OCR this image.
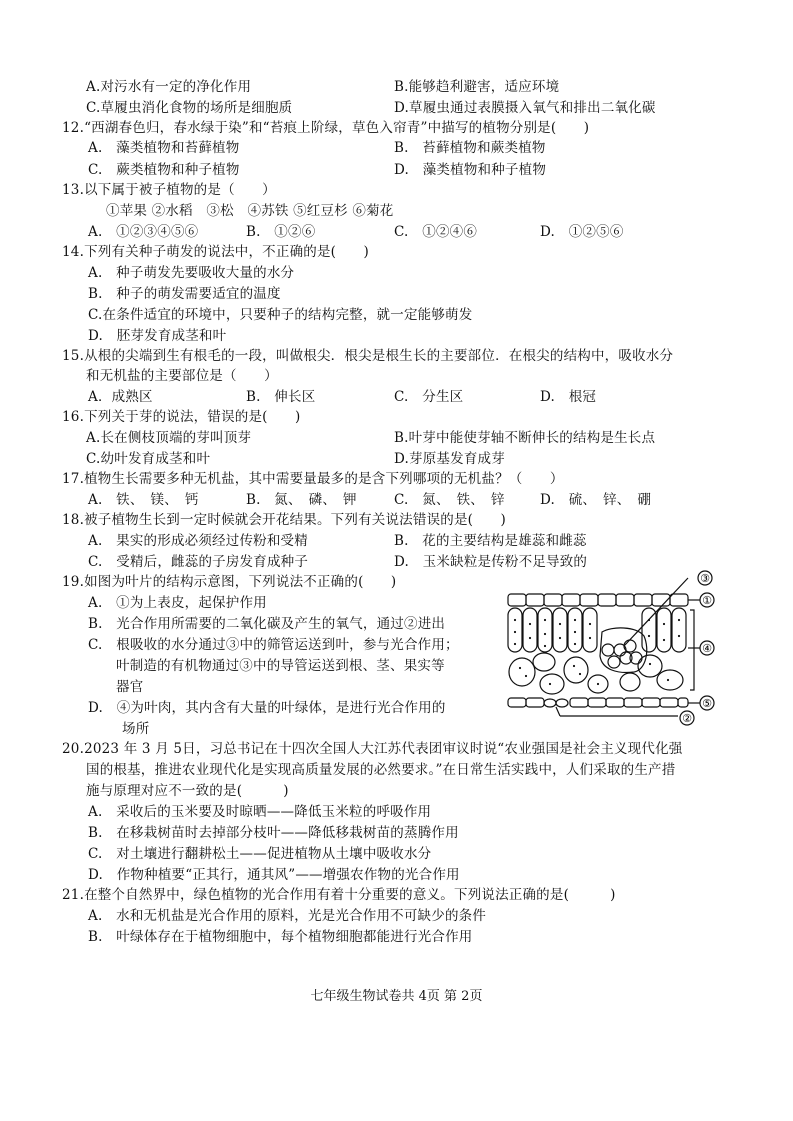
A.对污水有一定的净化作用	B.能够趋利避害，适应环境
C.草履虫消化食物的场所是细胞质	D.草履虫通过表膜摄入氧气和排出二氧化碳
12.“西湖春色归，春水绿于染”和“苔痕上阶绿，草色入帘青”中描写的植物分别是(　　)
A.　藻类植物和苔藓植物	B.　苔藓植物和蕨类植物
C.　蕨类植物和种子植物	D.　藻类植物和种子植物
13.以下属于被子植物的是（　　）
①苹果 ②水稻　③松　④苏铁 ⑤红豆杉 ⑥菊花
A.　①②③④⑤⑥	B.　①②⑥	C.　①②④⑥	D.　①②⑤⑥
14.下列有关种子萌发的说法中，不正确的是(　　)
A.　种子萌发先要吸收大量的水分
B.　种子的萌发需要适宜的温度
C.在条件适宜的环境中，只要种子的结构完整，就一定能够萌发
D.　胚芽发育成茎和叶
15.从根的尖端到生有根毛的一段，叫做根尖．根尖是根生长的主要部位．在根尖的结构中，吸收水分
和无机盐的主要部位是（　　）
A．成熟区	B.　伸长区	C.　分生区	D.　根冠
16.下列关于芽的说法，错误的是(　　)
A.长在侧枝顶端的芽叫顶芽	B.叶芽中能使芽轴不断伸长的结构是生长点
C.幼叶发育成茎和叶	D.芽原基发育成芽
17.植物生长需要多种无机盐，其中需要量最多的是含下列哪项的无机盐？（　　）
A.　铁、　镁、　钙	B.　氮、　磷、　钾	C.　氮、　铁、　锌	D.　硫、　锌、　硼
18.被子植物生长到一定时候就会开花结果。下列有关说法错误的是(　　)
A.　果实的形成必须经过传粉和受精	B.　花的主要结构是雄蕊和雌蕊
C.　受精后，雌蕊的子房发育成种子	D.　玉米缺粒是传粉不足导致的
19.如图为叶片的结构示意图，下列说法不正确的(　　)
A.　①为上表皮，起保护作用
B.　光合作用所需要的二氧化碳及产生的氧气，通过②进出
C.　根吸收的水分通过③中的筛管运送到叶，参与光合作用；
叶制造的有机物通过③中的导管运送到根、茎、果实等
器官
D.　④为叶肉，其内含有大量的叶绿体，是进行光合作用的
场所
③
①
④
⑤
②
20.2023 年 3 月 5日，习总书记在十四次全国人大江苏代表团审议时说“农业强国是社会主义现代化强
国的根基，推进农业现代化是实现高质量发展的必然要求。”在日常生活实践中，人们采取的生产措
施与原理对应不一致的是(　　　)
A.　采收后的玉米要及时晾晒——降低玉米粒的呼吸作用
B.　在移栽树苗时去掉部分枝叶——降低移栽树苗的蒸腾作用
C.　对土壤进行翻耕松土——促进植物从土壤中吸收水分
D.　作物种植要“正其行，通其风”——增强农作物的光合作用
21.在整个自然界中，绿色植物的光合作用有着十分重要的意义。下列说法正确的是(　　　)
A.　水和无机盐是光合作用的原料，光是光合作用不可缺少的条件
B.　叶绿体存在于植物细胞中，每个植物细胞都能进行光合作用
七年级生物试卷共 4页 第 2页
